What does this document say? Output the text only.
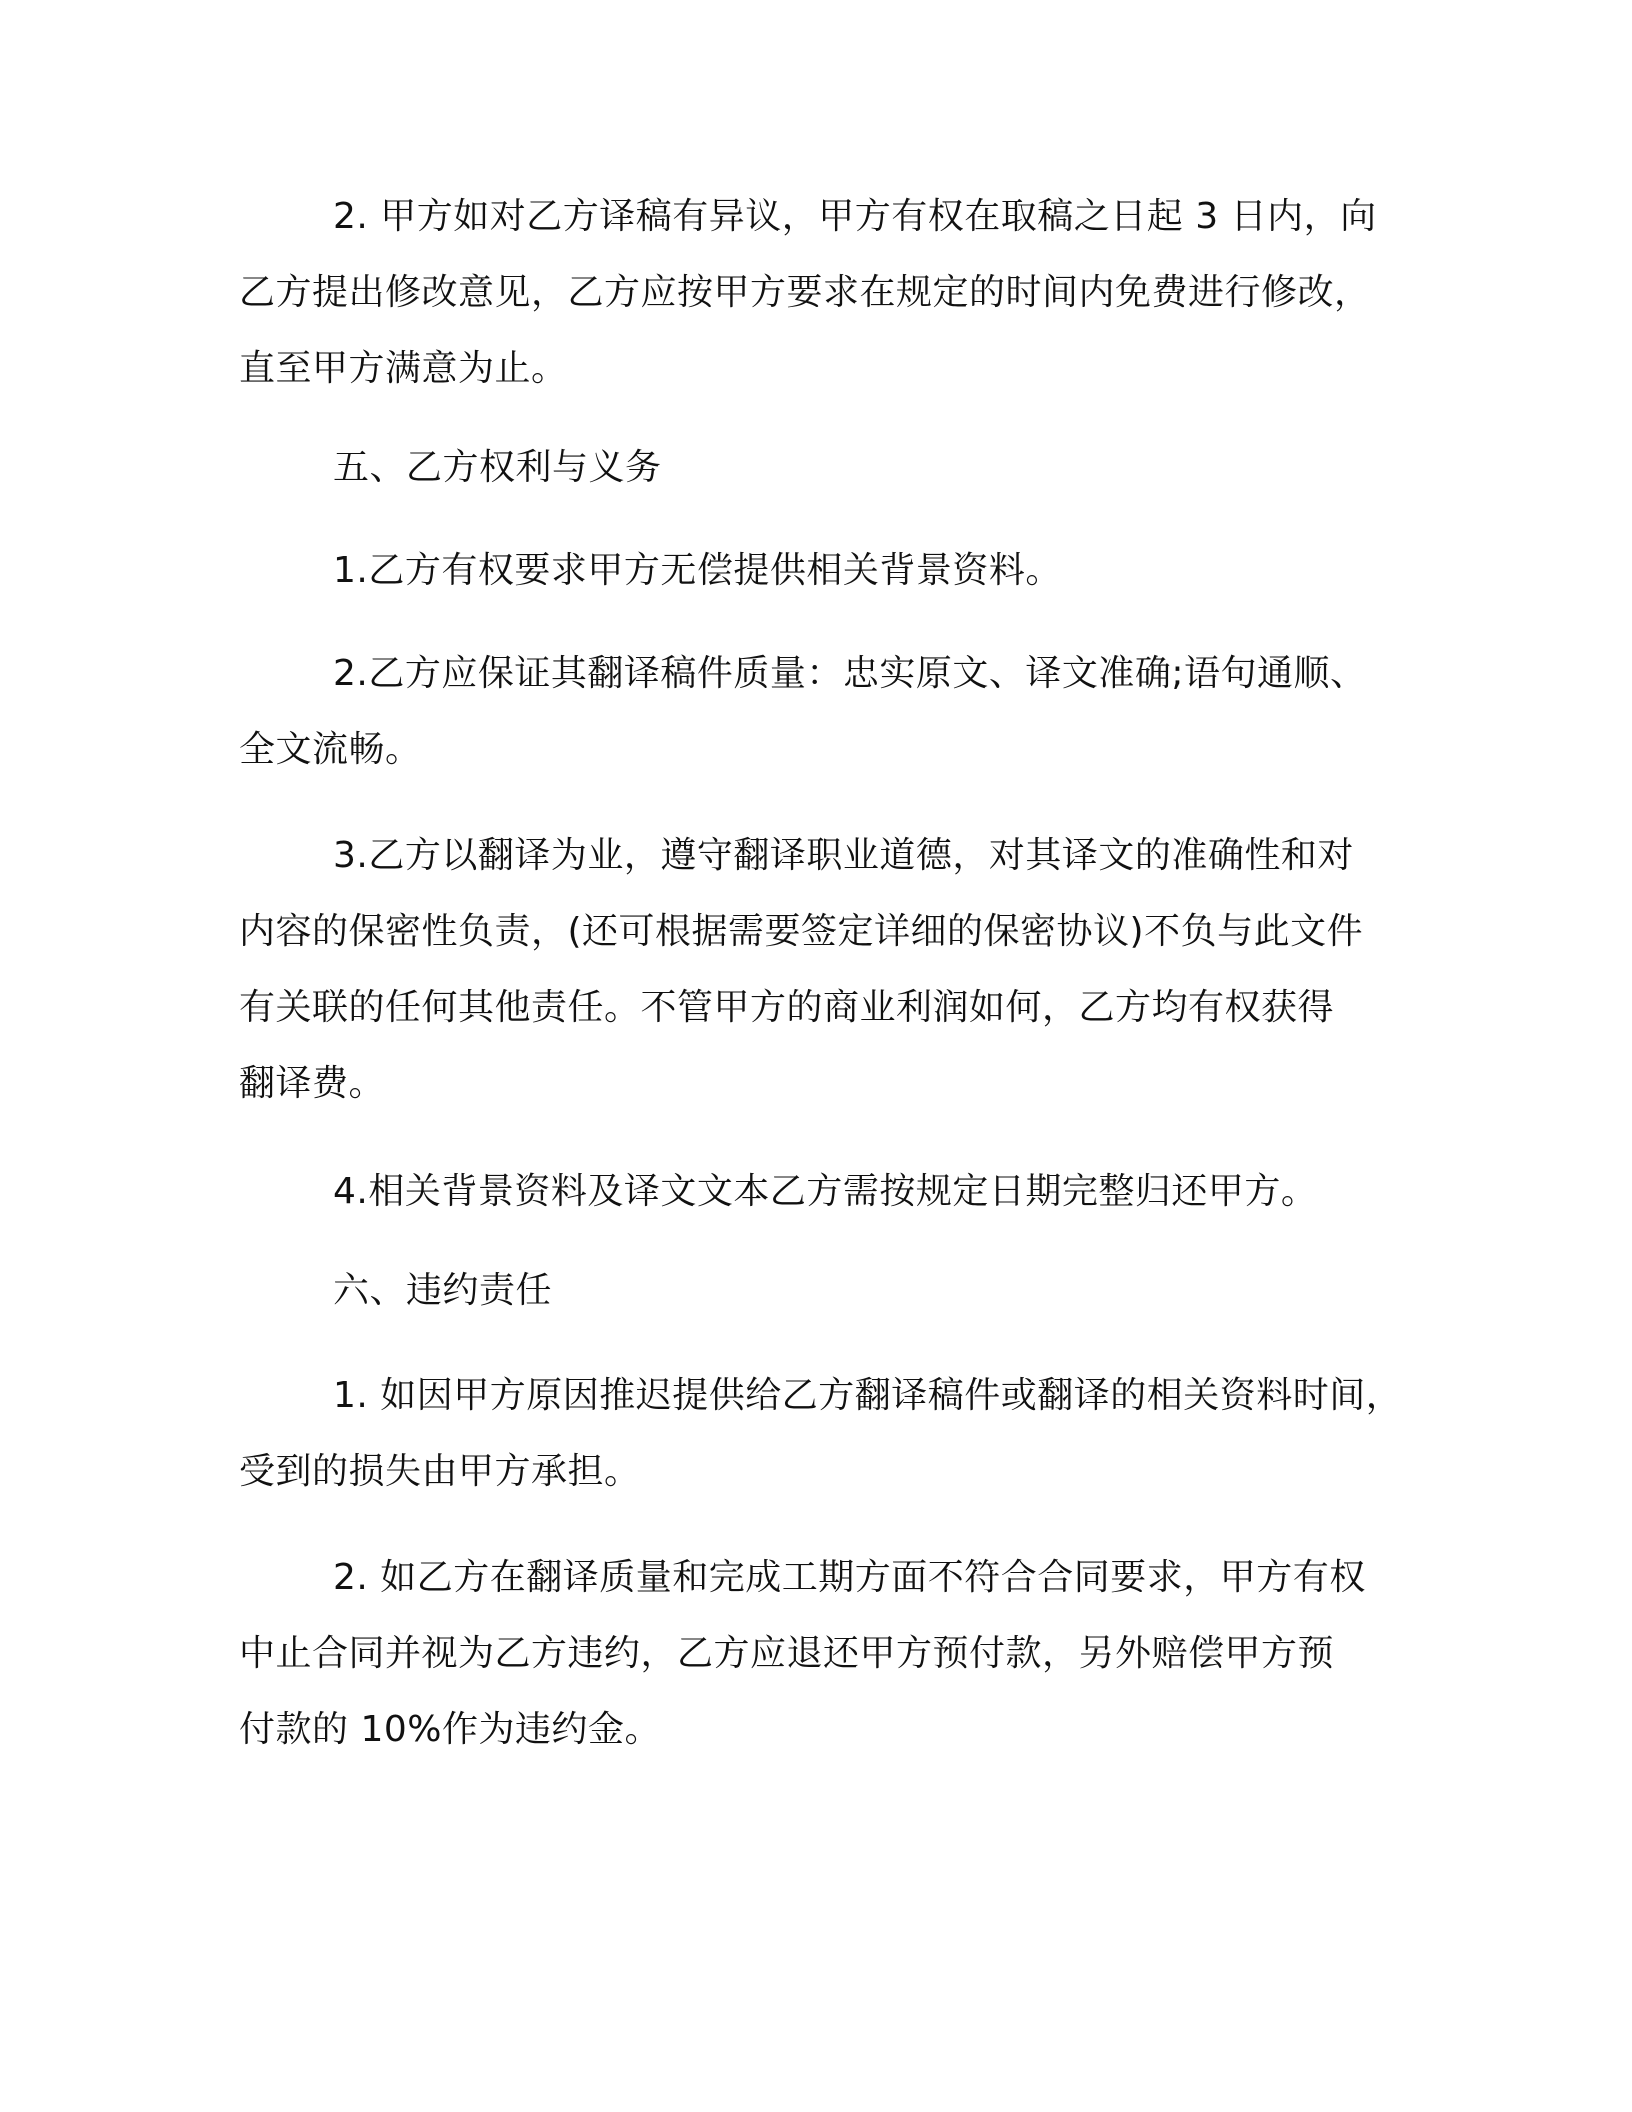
2. 甲方如对乙方译稿有异议，甲方有权在取稿之日起 3 日内，向
乙方提出修改意见，乙方应按甲方要求在规定的时间内免费进行修改，
直至甲方满意为止。
五、乙方权利与义务
1.乙方有权要求甲方无偿提供相关背景资料。
2.乙方应保证其翻译稿件质量：忠实原文、译文准确;语句通顺、
全文流畅。
3.乙方以翻译为业，遵守翻译职业道德，对其译文的准确性和对
内容的保密性负责，(还可根据需要签定详细的保密协议)不负与此文件
有关联的任何其他责任。不管甲方的商业利润如何，乙方均有权获得
翻译费。
4.相关背景资料及译文文本乙方需按规定日期完整归还甲方。
六、违约责任
1. 如因甲方原因推迟提供给乙方翻译稿件或翻译的相关资料时间，
受到的损失由甲方承担。
2. 如乙方在翻译质量和完成工期方面不符合合同要求，甲方有权
中止合同并视为乙方违约，乙方应退还甲方预付款，另外赔偿甲方预
付款的 10%作为违约金。
